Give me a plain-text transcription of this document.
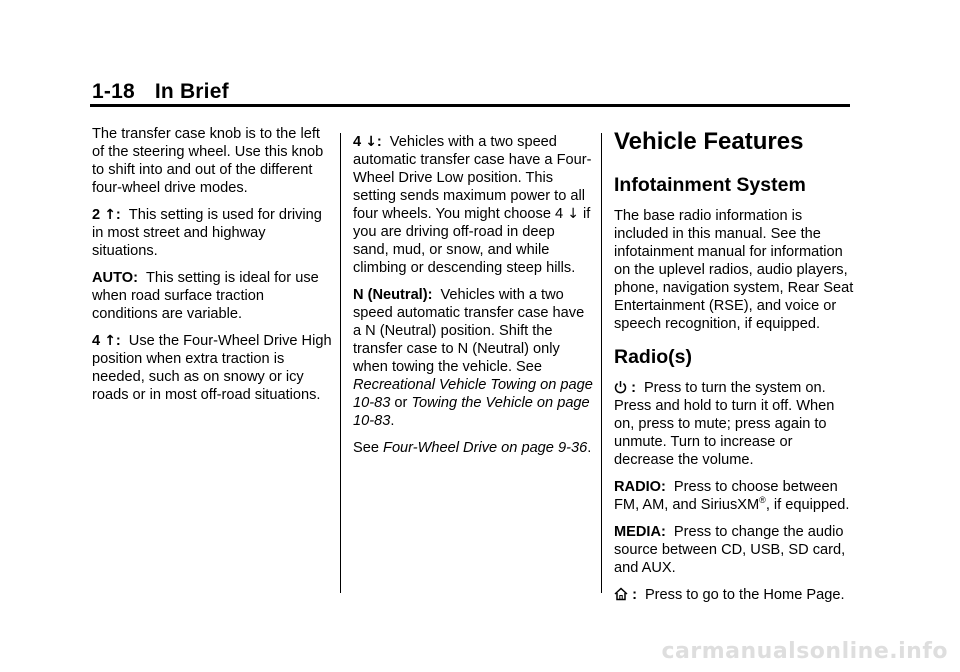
1-18 In Brief

The transfer case knob is to the left of the steering wheel. Use this knob to shift into and out of the different four-wheel drive modes.

2 ↑: This setting is used for driving in most street and highway situations.

AUTO: This setting is ideal for use when road surface traction conditions are variable.

4 ↑: Use the Four-Wheel Drive High position when extra traction is needed, such as on snowy or icy roads or in most off-road situations.

4 ↓: Vehicles with a two speed automatic transfer case have a Four-Wheel Drive Low position. This setting sends maximum power to all four wheels. You might choose 4 ↓ if you are driving off-road in deep sand, mud, or snow, and while climbing or descending steep hills.

N (Neutral): Vehicles with a two speed automatic transfer case have a N (Neutral) position. Shift the transfer case to N (Neutral) only when towing the vehicle. See Recreational Vehicle Towing on page 10-83 or Towing the Vehicle on page 10-83.

See Four-Wheel Drive on page 9-36.

Vehicle Features
Infotainment System

The base radio information is included in this manual. See the infotainment manual for information on the uplevel radios, audio players, phone, navigation system, Rear Seat Entertainment (RSE), and voice or speech recognition, if equipped.

Radio(s)

: Press to turn the system on. Press and hold to turn it off. When on, press to mute; press again to unmute. Turn to increase or decrease the volume.

RADIO: Press to choose between FM, AM, and SiriusXM®, if equipped.

MEDIA: Press to change the audio source between CD, USB, SD card, and AUX.

: Press to go to the Home Page.

carmanualsonline.info
